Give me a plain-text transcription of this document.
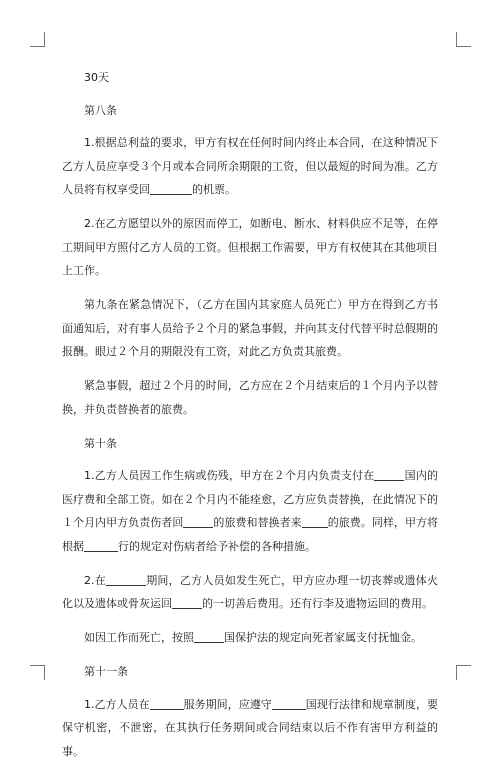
30天

第八条

1.根据总利益的要求，甲方有权在任何时间内终止本合同，在这种情况下乙方人员应享受３个月或本合同所余期限的工资，但以最短的时间为准。乙方人员将有权享受回	的机票。

2.在乙方愿望以外的原因而停工，如断电、断水、材料供应不足等，在停工期间甲方照付乙方人员的工资。但根据工作需要，甲方有权使其在其他项目上工作。

第九条在紧急情况下，（乙方在国内其家庭人员死亡）甲方在得到乙方书面通知后，对有事人员给予２个月的紧急事假，并向其支付代替平时总假期的报酬。眼过２个月的期限没有工资，对此乙方负责其旅费。

紧急事假，超过２个月的时间，乙方应在２个月结束后的１个月内予以替换，并负责替换者的旅费。

第十条

1.乙方人员因工作生病或伤残，甲方在２个月内负责支付在	国内的医疗费和全部工资。如在２个月内不能痊愈，乙方应负责替换，在此情况下的１个月内甲方负责伤者回	的旅费和替换者来 的旅费。同样，甲方将根据	行的规定对伤病者给予补偿的各种措施。

2.在	期间，乙方人员如发生死亡，甲方应办理一切丧葬或遗体火化以及遗体或骨灰运回	的一切善后费用。还有行李及遗物运回的费用。

如因工作而死亡，按照	国保护法的规定向死者家属支付抚恤金。

第十一条

1.乙方人员在	服务期间，应遵守	国现行法律和规章制度，要保守机密，不泄密，在其执行任务期间或合同结束以后不作有害甲方利益的事。
